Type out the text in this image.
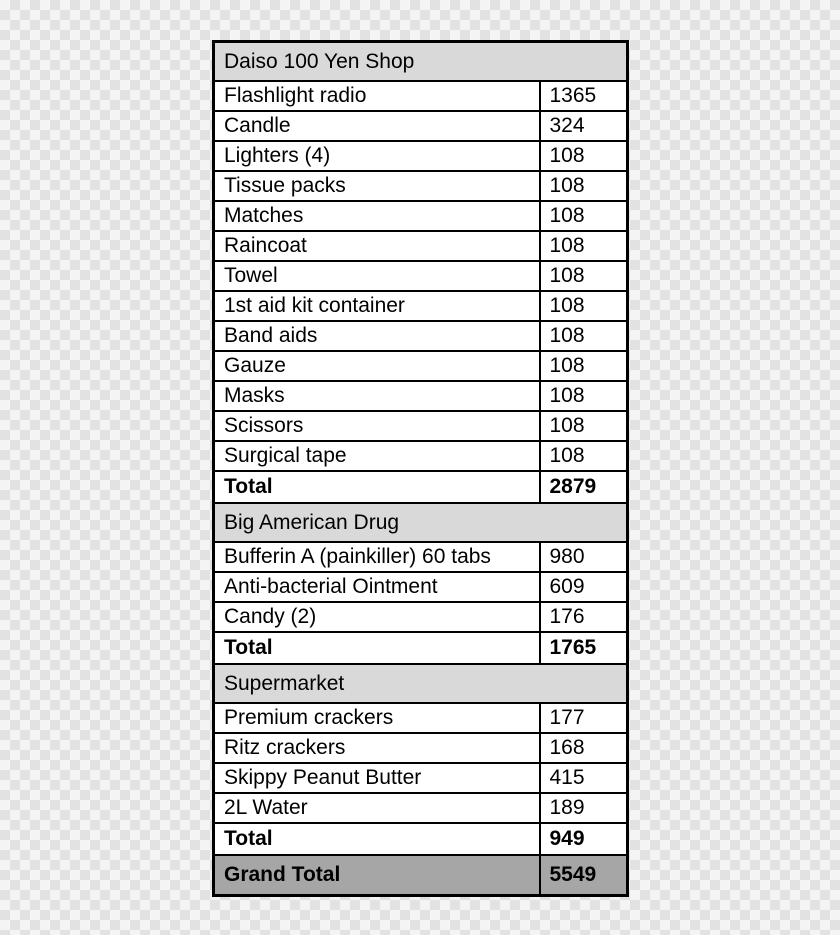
Daiso 100 Yen Shop	
Flashlight radio	1365
Candle	324
Lighters (4)	108
Tissue packs	108
Matches	108
Raincoat	108
Towel	108
1st aid kit container	108
Band aids	108
Gauze	108
Masks	108
Scissors	108
Surgical tape	108
Total	2879
Big American Drug	
Bufferin A (painkiller) 60 tabs	980
Anti-bacterial Ointment	609
Candy (2)	176
Total	1765
Supermarket	
Premium crackers	177
Ritz crackers	168
Skippy Peanut Butter	415
2L Water	189
Total	949
Grand Total	5549
